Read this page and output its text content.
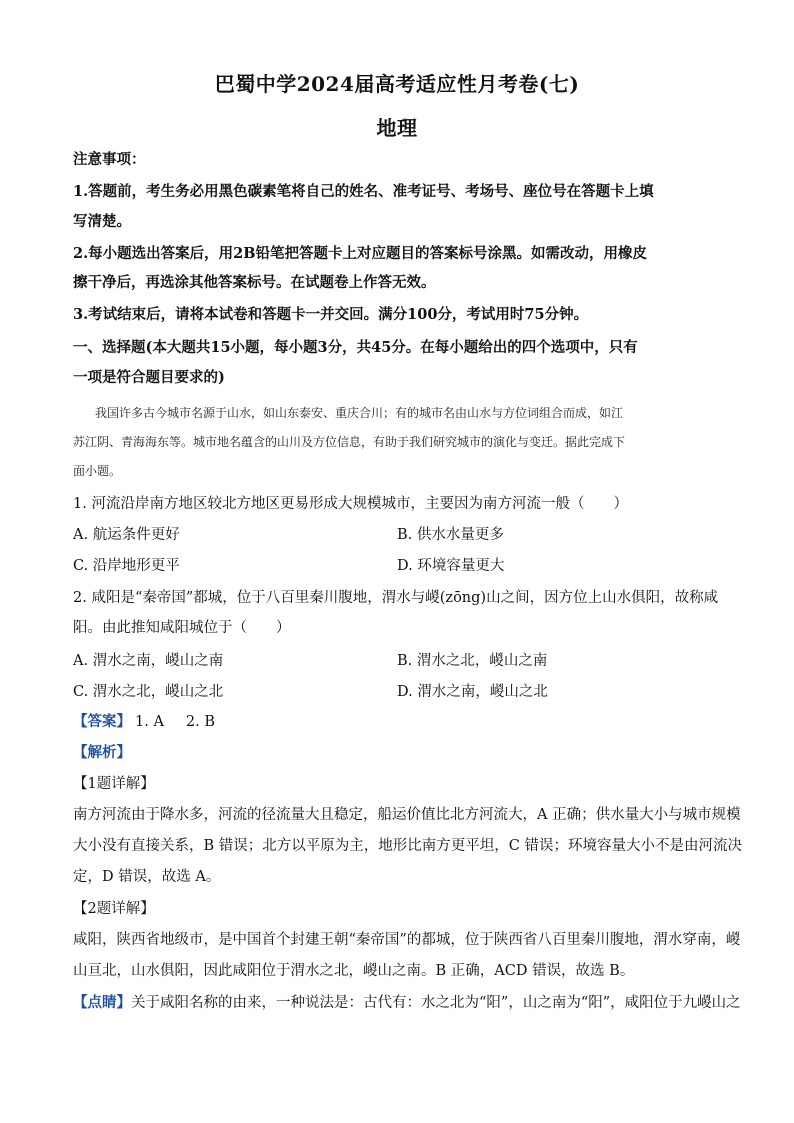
巴蜀中学2024届高考适应性月考卷(七)
地理
注意事项：
1.答题前，考生务必用黑色碳素笔将自己的姓名、准考证号、考场号、座位号在答题卡上填
写清楚。
2.每小题选出答案后，用2B铅笔把答题卡上对应题目的答案标号涂黑。如需改动，用橡皮
擦干净后，再选涂其他答案标号。在试题卷上作答无效。
3.考试结束后，请将本试卷和答题卡一并交回。满分100分，考试用时75分钟。
一、选择题(本大题共15小题，每小题3分，共45分。在每小题给出的四个选项中，只有
一项是符合题目要求的)
我国许多古今城市名源于山水，如山东泰安、重庆合川；有的城市名由山水与方位词组合而成，如江
苏江阴、青海海东等。城市地名蕴含的山川及方位信息，有助于我们研究城市的演化与变迁。据此完成下
面小题。
1. 河流沿岸南方地区较北方地区更易形成大规模城市，主要因为南方河流一般（　　）
A. 航运条件更好	B. 供水水量更多
C. 沿岸地形更平	D. 环境容量更大
2. 咸阳是“秦帝国”都城，位于八百里秦川腹地，渭水与嵕(zōng)山之间，因方位上山水俱阳，故称咸
阳。由此推知咸阳城位于（　　）
A. 渭水之南，嵕山之南	B. 渭水之北，嵕山之南
C. 渭水之北，嵕山之北	D. 渭水之南，嵕山之北
【答案】 1. A 2. B
【解析】
【1题详解】
南方河流由于降水多，河流的径流量大且稳定，船运价值比北方河流大，A 正确；供水量大小与城市规模
大小没有直接关系，B 错误；北方以平原为主，地形比南方更平坦，C 错误；环境容量大小不是由河流决
定，D 错误，故选 A。
【2题详解】
咸阳，陕西省地级市，是中国首个封建王朝“秦帝国”的都城，位于陕西省八百里秦川腹地，渭水穿南，嵕
山亘北，山水俱阳，因此咸阳位于渭水之北，嵕山之南。B 正确，ACD 错误，故选 B。
【点睛】关于咸阳名称的由来，一种说法是：古代有：水之北为“阳”，山之南为“阳”，咸阳位于九嵕山之
